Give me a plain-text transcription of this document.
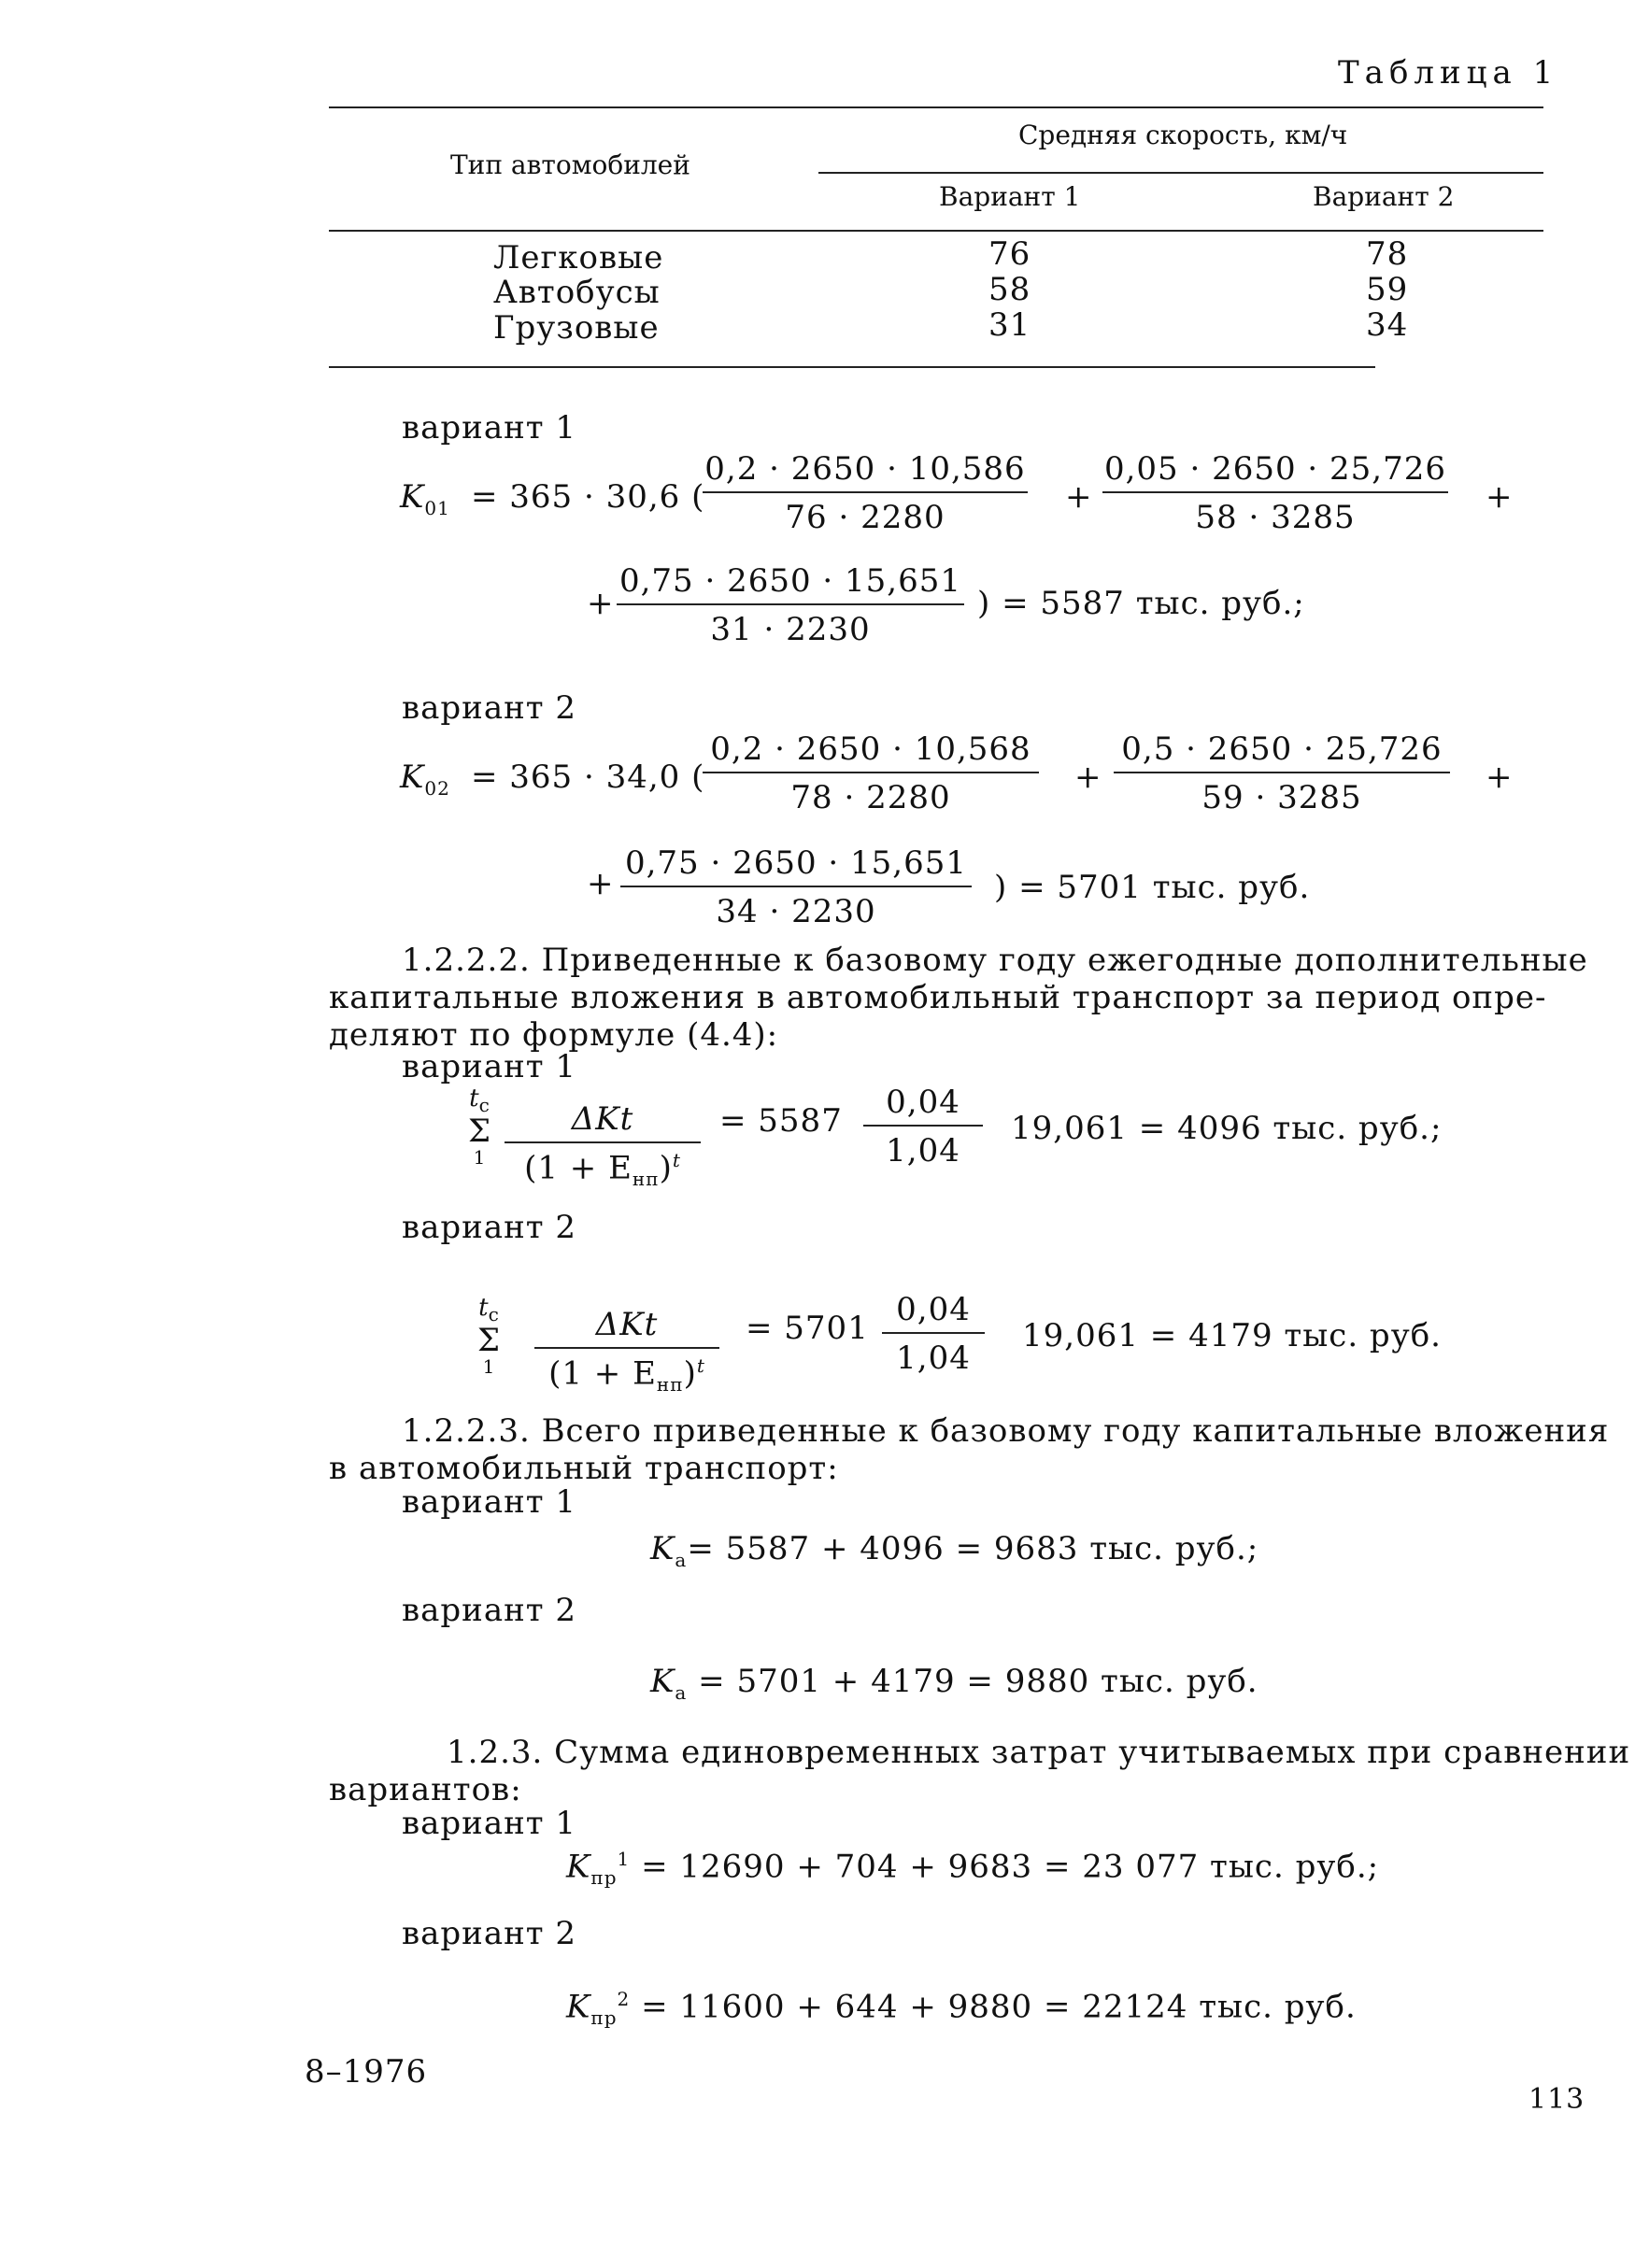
Таблица 1
Тип автомобилей
Средняя скорость, км/ч
Вариант 1	Вариант 2
Легковые	76	78
Автобусы	58	59
Грузовые	31	34
вариант 1
$K_{01} = 365 \cdot 30,6$ (
0,2 · 2650 · 10,586
76 · 2280
+
0,05 · 2650 · 25,726
58 · 3285
+
+
0,75 · 2650 · 15,651
31 · 2230
) = 5587 тыс. руб.;
вариант 2
$K_{02} = 365 \cdot 34,0$ (
0,2 · 2650 · 10,568
78 · 2280
+
0,5 · 2650 · 25,726
59 · 3285
+
+
0,75 · 2650 · 15,651
34 · 2230
) = 5701 тыс. руб.
1.2.2.2. Приведенные к базовому году ежегодные дополнительные
капитальные вложения в автомобильный транспорт за период опре-
деляют по формуле (4.4):
вариант 1
$t_с$
Σ
1
ΔKt
$(1 + E_{нп})^t$
= 5587	0,04
1,04
19,061 = 4096 тыс. руб.;
вариант 2
$t_с$
Σ
1
ΔKt
$(1 + E_{нп})^t$
= 5701 0,04
1,04
19,061 = 4179 тыс. руб.
1.2.2.3. Всего приведенные к базовому году капитальные вложения
в автомобильный транспорт:
вариант 1
$K_а= 5587 + 4096 = 9683$ тыс. руб.;
вариант 2
$K_а = 5701 + 4179 = 9880$ тыс. руб.
1.2.3. Сумма единовременных затрат учитываемых при сравнении
вариантов:
вариант 1
$K_{пр}^1 = 12690 + 704 + 9683 = 23$ 077 тыс. руб.;
вариант 2
$K_{пр}^2 = 11600 + 644 + 9880 = 22124$ тыс. руб.
8–1976
113
